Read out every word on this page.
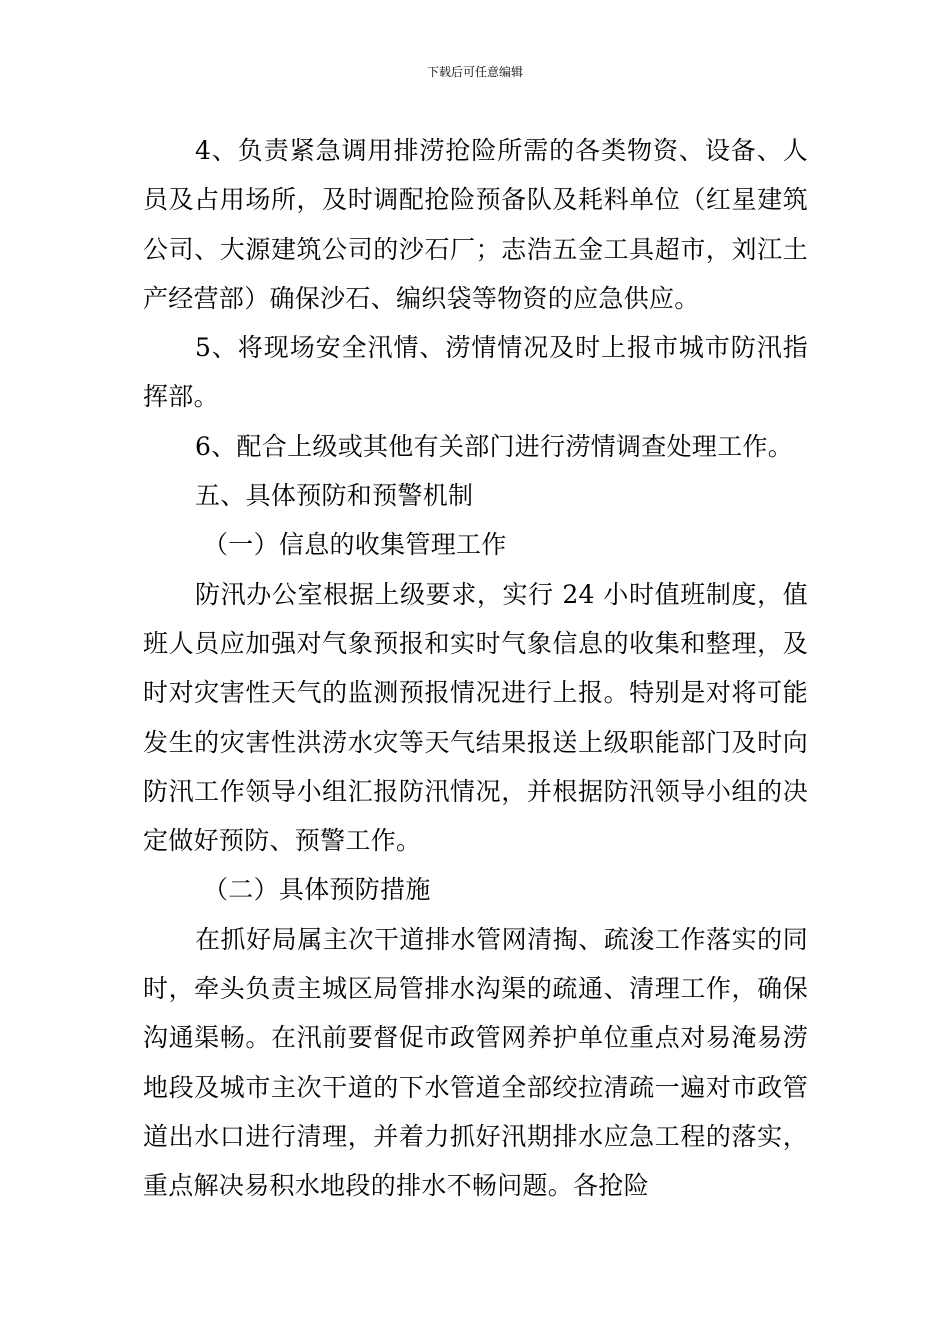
下载后可任意编辑

4、负责紧急调用排涝抢险所需的各类物资、设备、人员及占用场所，及时调配抢险预备队及耗料单位（红星建筑公司、大源建筑公司的沙石厂；志浩五金工具超市，刘江土产经营部）确保沙石、编织袋等物资的应急供应。

5、将现场安全汛情、涝情情况及时上报市城市防汛指挥部。

6、配合上级或其他有关部门进行涝情调查处理工作。

五、具体预防和预警机制

（一）信息的收集管理工作

防汛办公室根据上级要求，实行 24 小时值班制度，值班人员应加强对气象预报和实时气象信息的收集和整理，及时对灾害性天气的监测预报情况进行上报。特别是对将可能发生的灾害性洪涝水灾等天气结果报送上级职能部门及时向防汛工作领导小组汇报防汛情况，并根据防汛领导小组的决定做好预防、预警工作。

（二）具体预防措施

在抓好局属主次干道排水管网清掏、疏浚工作落实的同时，牵头负责主城区局管排水沟渠的疏通、清理工作，确保沟通渠畅。在汛前要督促市政管网养护单位重点对易淹易涝地段及城市主次干道的下水管道全部绞拉清疏一遍对市政管道出水口进行清理，并着力抓好汛期排水应急工程的落实，重点解决易积水地段的排水不畅问题。各抢险
